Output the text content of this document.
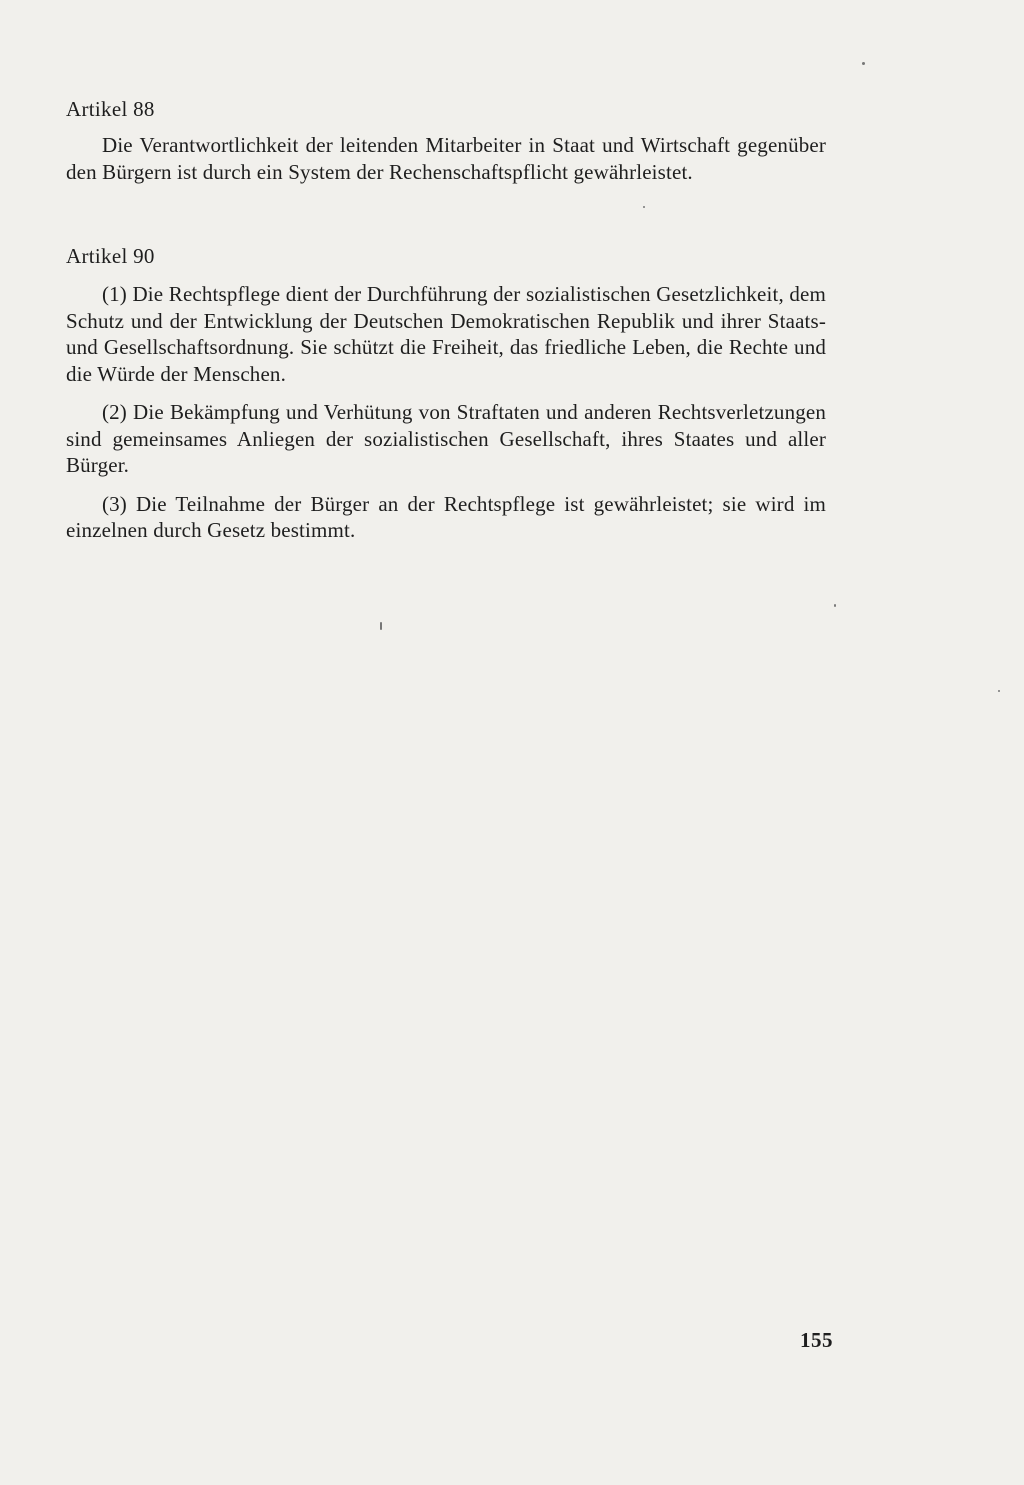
Artikel 88

Die Verantwortlichkeit der leitenden Mitarbeiter in Staat und Wirtschaft gegenüber den Bürgern ist durch ein System der Rechenschaftspflicht gewährleistet.

Artikel 90

(1) Die Rechtspflege dient der Durchführung der sozialistischen Gesetzlichkeit, dem Schutz und der Entwicklung der Deutschen Demokratischen Republik und ihrer Staats- und Gesellschaftsordnung. Sie schützt die Freiheit, das friedliche Leben, die Rechte und die Würde der Menschen.

(2) Die Bekämpfung und Verhütung von Straftaten und anderen Rechtsverletzungen sind gemeinsames Anliegen der sozialistischen Gesellschaft, ihres Staates und aller Bürger.

(3) Die Teilnahme der Bürger an der Rechtspflege ist gewährleistet; sie wird im einzelnen durch Gesetz bestimmt.

155
